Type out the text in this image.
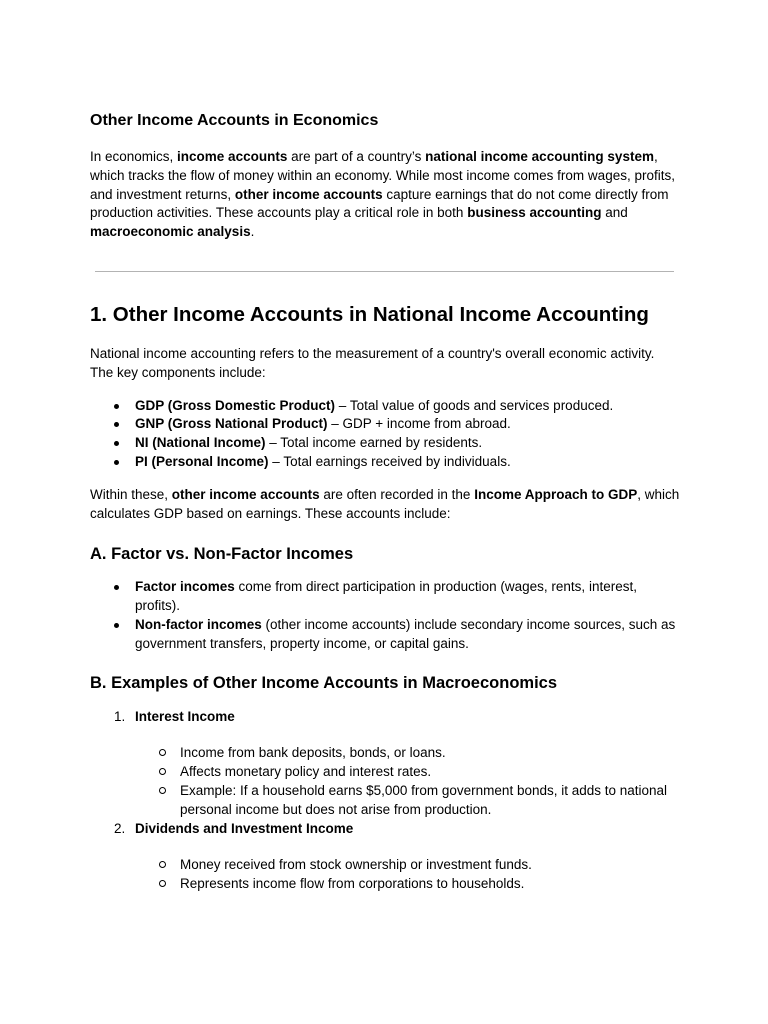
Other Income Accounts in Economics

In economics, income accounts are part of a country’s national income accounting system, which tracks the flow of money within an economy. While most income comes from wages, profits, and investment returns, other income accounts capture earnings that do not come directly from production activities. These accounts play a critical role in both business accounting and macroeconomic analysis.

1. Other Income Accounts in National Income Accounting

National income accounting refers to the measurement of a country's overall economic activity. The key components include:

GDP (Gross Domestic Product) – Total value of goods and services produced.
GNP (Gross National Product) – GDP + income from abroad.
NI (National Income) – Total income earned by residents.
PI (Personal Income) – Total earnings received by individuals.

Within these, other income accounts are often recorded in the Income Approach to GDP, which calculates GDP based on earnings. These accounts include:

A. Factor vs. Non-Factor Incomes
Factor incomes come from direct participation in production (wages, rents, interest, profits).
Non-factor incomes (other income accounts) include secondary income sources, such as government transfers, property income, or capital gains.
B. Examples of Other Income Accounts in Macroeconomics
1. Interest Income
Income from bank deposits, bonds, or loans.
Affects monetary policy and interest rates.
Example: If a household earns $5,000 from government bonds, it adds to national personal income but does not arise from production.
2. Dividends and Investment Income
Money received from stock ownership or investment funds.
Represents income flow from corporations to households.
